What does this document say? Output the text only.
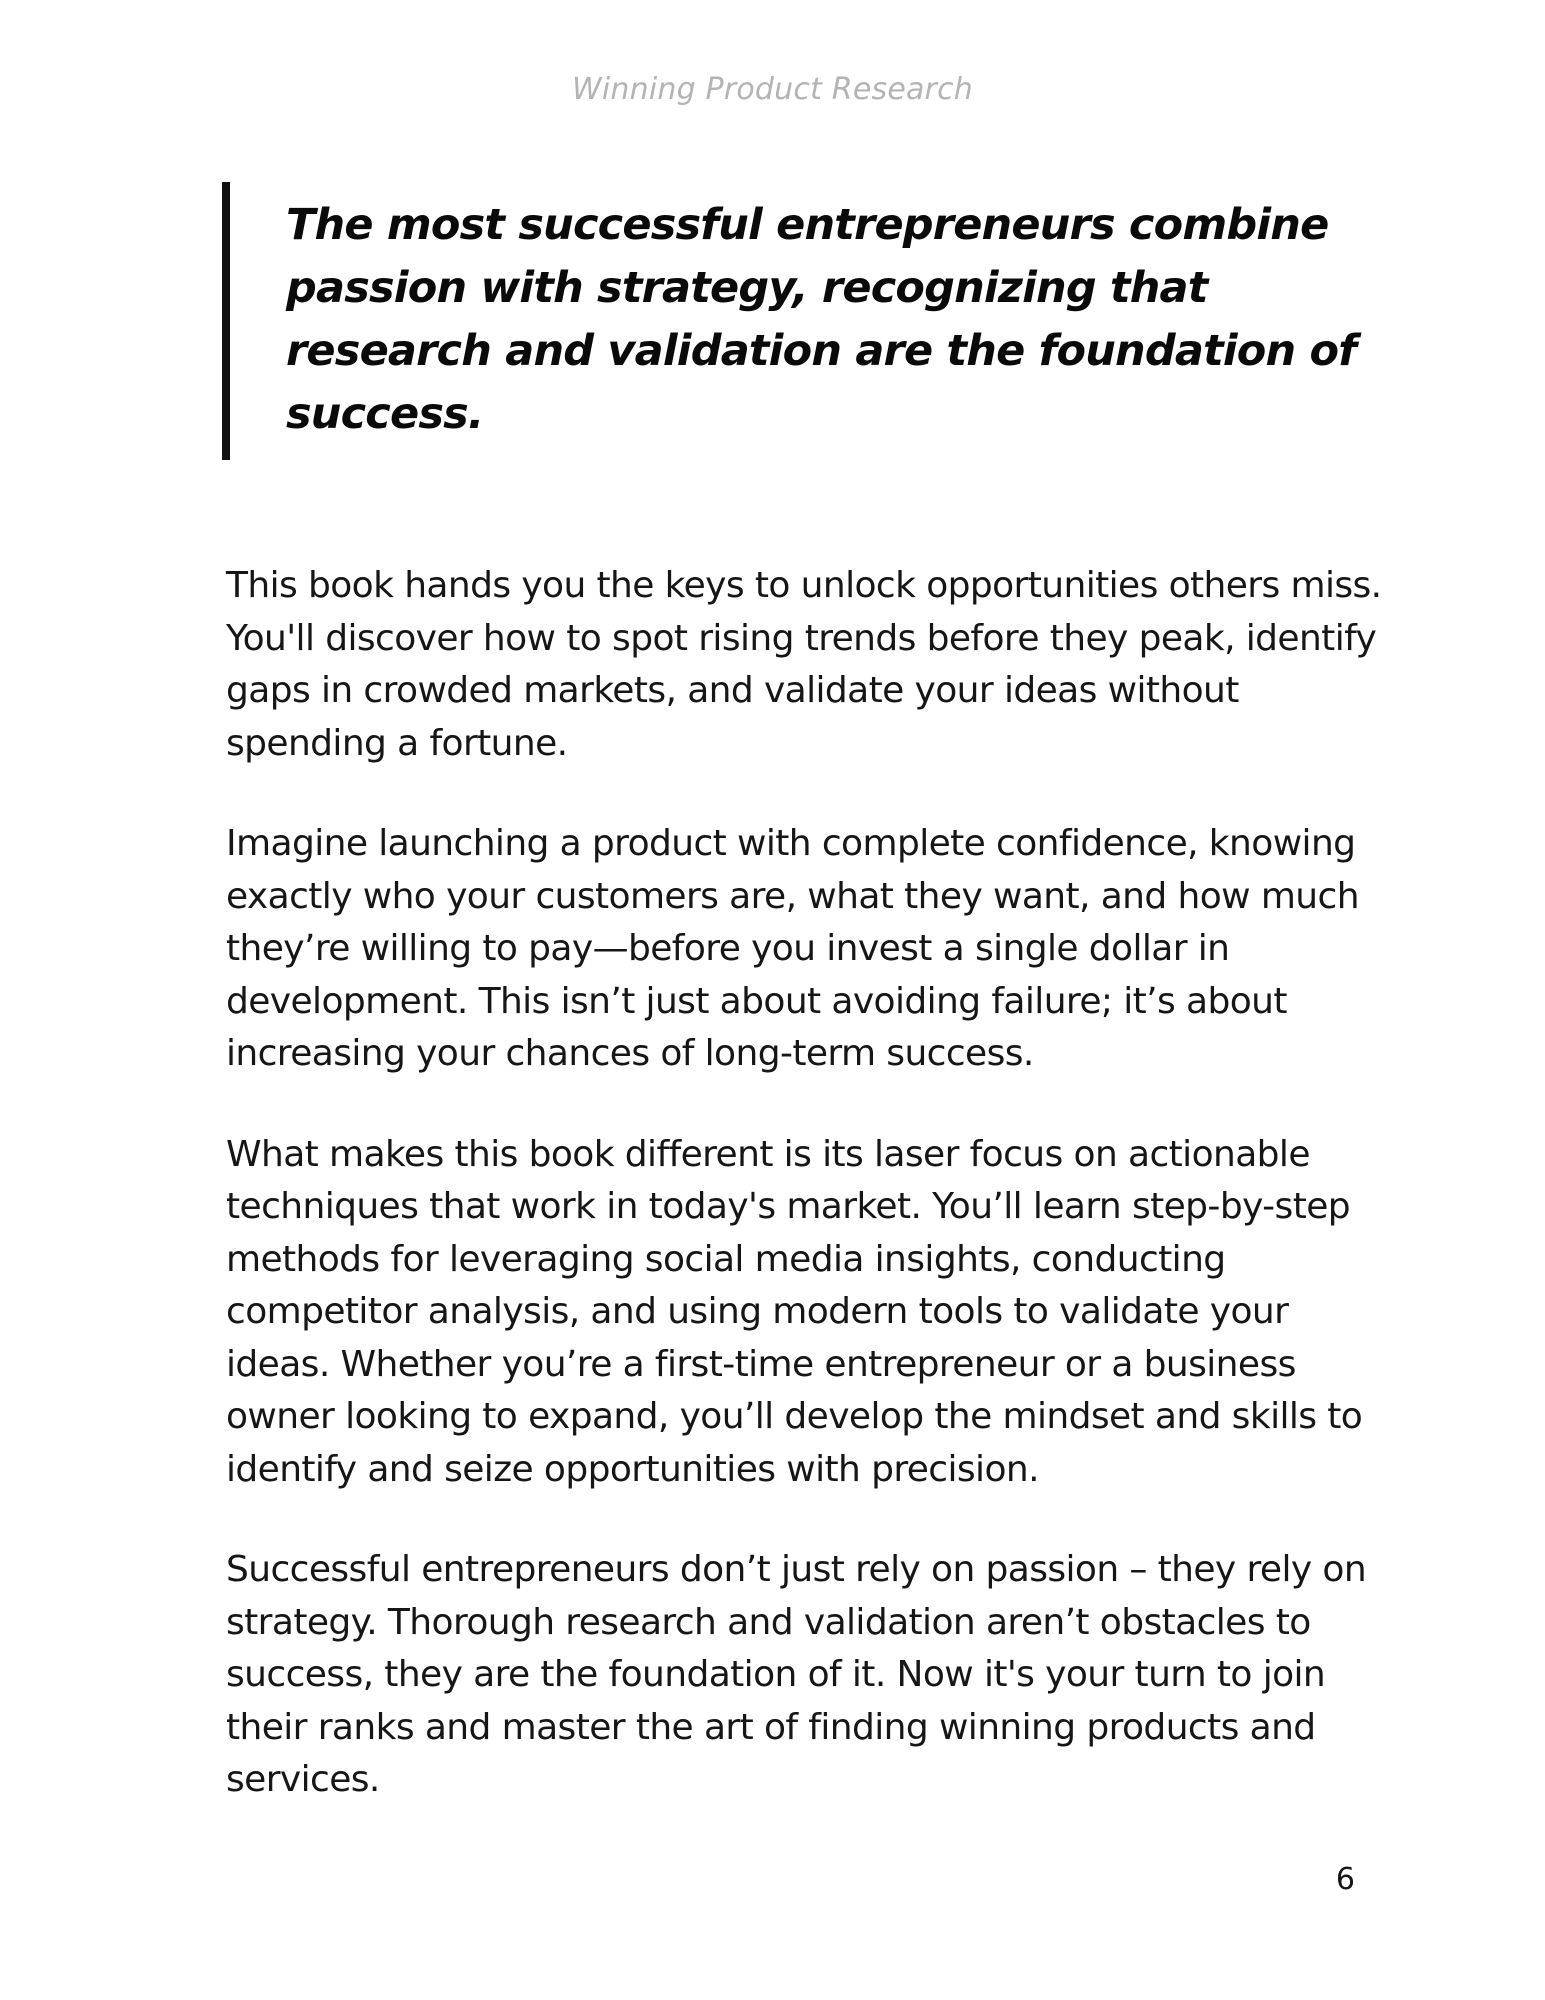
Winning Product Research

The most successful entrepreneurs combine passion with strategy, recognizing that research and validation are the foundation of success.

This book hands you the keys to unlock opportunities others miss. You'll discover how to spot rising trends before they peak, identify gaps in crowded markets, and validate your ideas without spending a fortune.

Imagine launching a product with complete confidence, knowing exactly who your customers are, what they want, and how much they’re willing to pay—before you invest a single dollar in development. This isn’t just about avoiding failure; it’s about increasing your chances of long-term success.

What makes this book different is its laser focus on actionable techniques that work in today's market. You’ll learn step-by-step methods for leveraging social media insights, conducting competitor analysis, and using modern tools to validate your ideas. Whether you’re a first-time entrepreneur or a business owner looking to expand, you’ll develop the mindset and skills to identify and seize opportunities with precision.

Successful entrepreneurs don’t just rely on passion – they rely on strategy. Thorough research and validation aren’t obstacles to success, they are the foundation of it. Now it's your turn to join their ranks and master the art of finding winning products and services.

6
